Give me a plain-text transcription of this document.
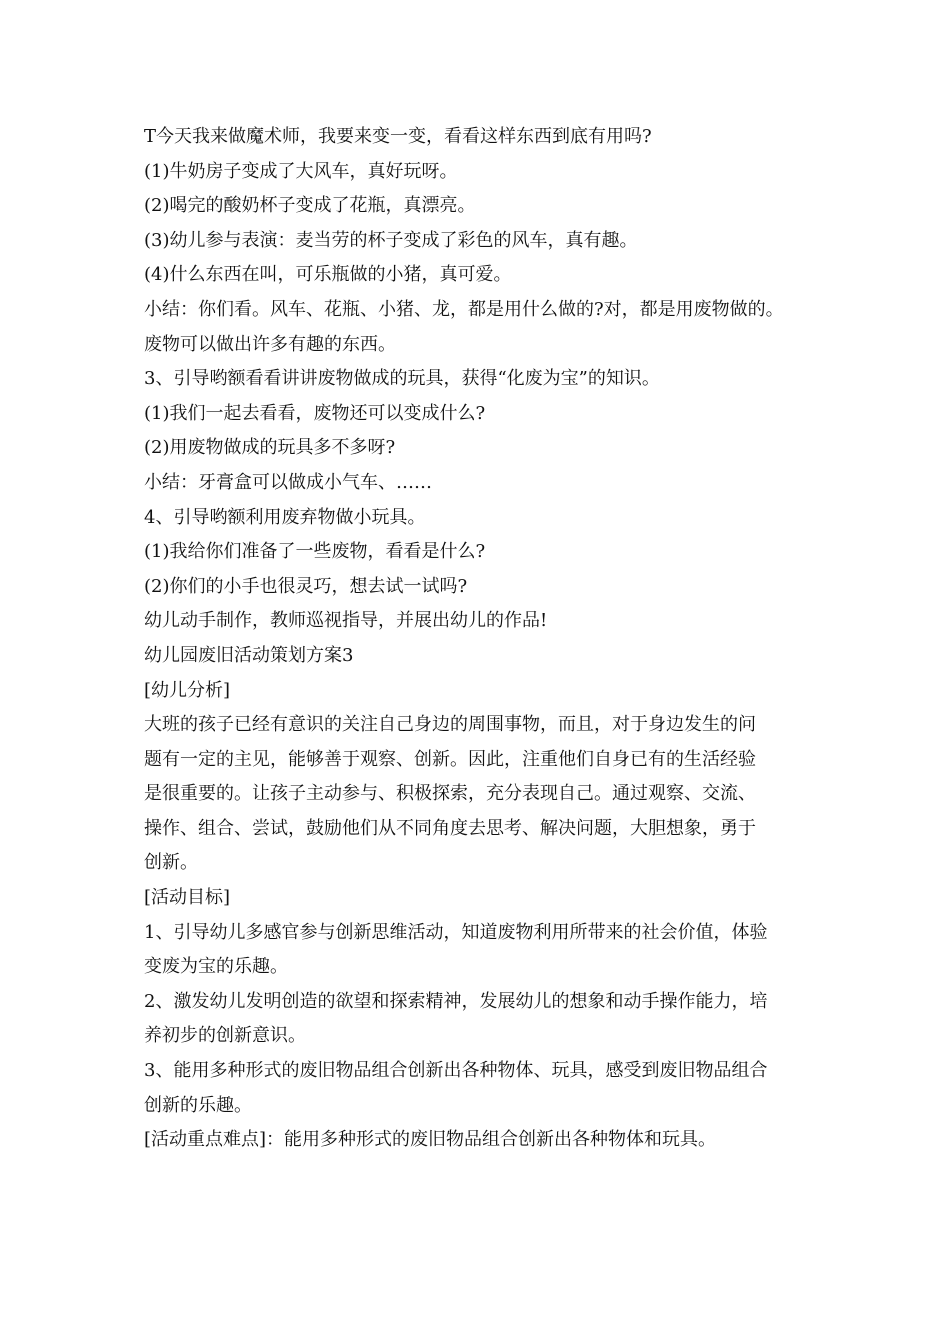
T今天我来做魔术师，我要来变一变，看看这样东西到底有用吗?
(1)牛奶房子变成了大风车，真好玩呀。
(2)喝完的酸奶杯子变成了花瓶，真漂亮。
(3)幼儿参与表演：麦当劳的杯子变成了彩色的风车，真有趣。
(4)什么东西在叫，可乐瓶做的小猪，真可爱。
小结：你们看。风车、花瓶、小猪、龙，都是用什么做的?对，都是用废物做的。
废物可以做出许多有趣的东西。
3、引导哟额看看讲讲废物做成的玩具，获得“化废为宝”的知识。
(1)我们一起去看看，废物还可以变成什么?
(2)用废物做成的玩具多不多呀?
小结：牙膏盒可以做成小气车、……
4、引导哟额利用废弃物做小玩具。
(1)我给你们准备了一些废物，看看是什么?
(2)你们的小手也很灵巧，想去试一试吗?
幼儿动手制作，教师巡视指导，并展出幼儿的作品!
幼儿园废旧活动策划方案3
[幼儿分析]
大班的孩子已经有意识的关注自己身边的周围事物，而且，对于身边发生的问
题有一定的主见，能够善于观察、创新。因此，注重他们自身已有的生活经验
是很重要的。让孩子主动参与、积极探索，充分表现自己。通过观察、交流、
操作、组合、尝试，鼓励他们从不同角度去思考、解决问题，大胆想象，勇于
创新。
[活动目标]
1、引导幼儿多感官参与创新思维活动，知道废物利用所带来的社会价值，体验
变废为宝的乐趣。
2、激发幼儿发明创造的欲望和探索精神，发展幼儿的想象和动手操作能力，培
养初步的创新意识。
3、能用多种形式的废旧物品组合创新出各种物体、玩具，感受到废旧物品组合
创新的乐趣。
[活动重点难点]：能用多种形式的废旧物品组合创新出各种物体和玩具。
